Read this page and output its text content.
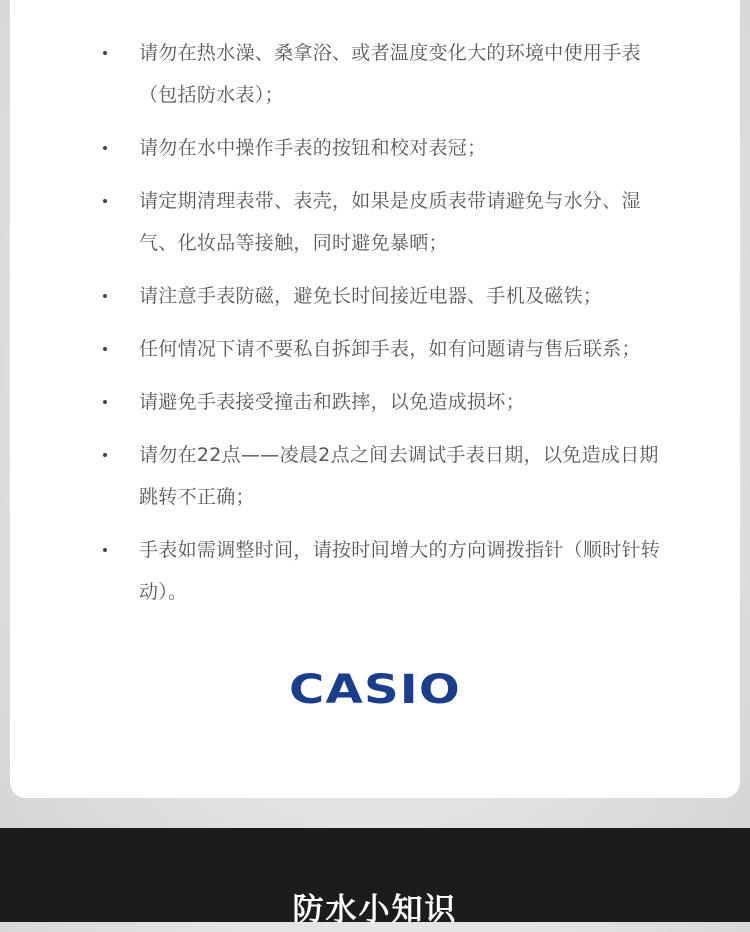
请勿在热水澡、桑拿浴、或者温度变化大的环境中使用手表（包括防水表）；
请勿在水中操作手表的按钮和校对表冠；
请定期清理表带、表壳，如果是皮质表带请避免与水分、湿气、化妆品等接触，同时避免暴晒；
请注意手表防磁，避免长时间接近电器、手机及磁铁；
任何情况下请不要私自拆卸手表，如有问题请与售后联系；
请避免手表接受撞击和跌摔，以免造成损坏；
请勿在22点——凌晨2点之间去调试手表日期，以免造成日期跳转不正确；
手表如需调整时间，请按时间增大的方向调拨指针（顺时针转动）。
CASIO
防水小知识
